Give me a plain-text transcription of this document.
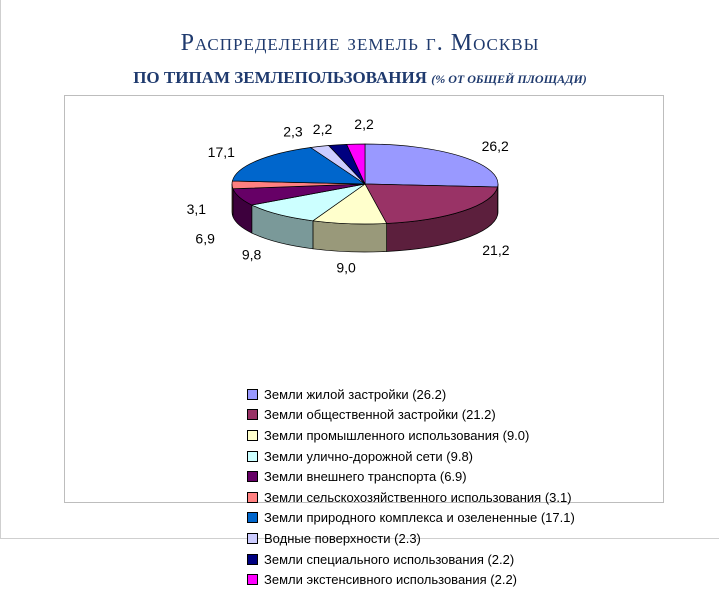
Распределение земель г. Москвы
ПО ТИПАМ ЗЕМЛЕПОЛЬЗОВАНИЯ (% ОТ ОБЩЕЙ ПЛОЩАДИ)
26,2
21,2
9,0
9,8
6,9
3,1
17,1
2,3 2,2 2,2
Земли жилой застройки (26.2)
Земли общественной застройки (21.2)
Земли промышленного использования (9.0)
Земли улично-дорожной сети (9.8)
Земли внешнего транспорта (6.9)
Земли сельскохозяйственного использования (3.1)
Земли природного комплекса и озелененные (17.1)
Водные поверхности (2.3)
Земли специального использования (2.2)
Земли экстенсивного использования (2.2)
